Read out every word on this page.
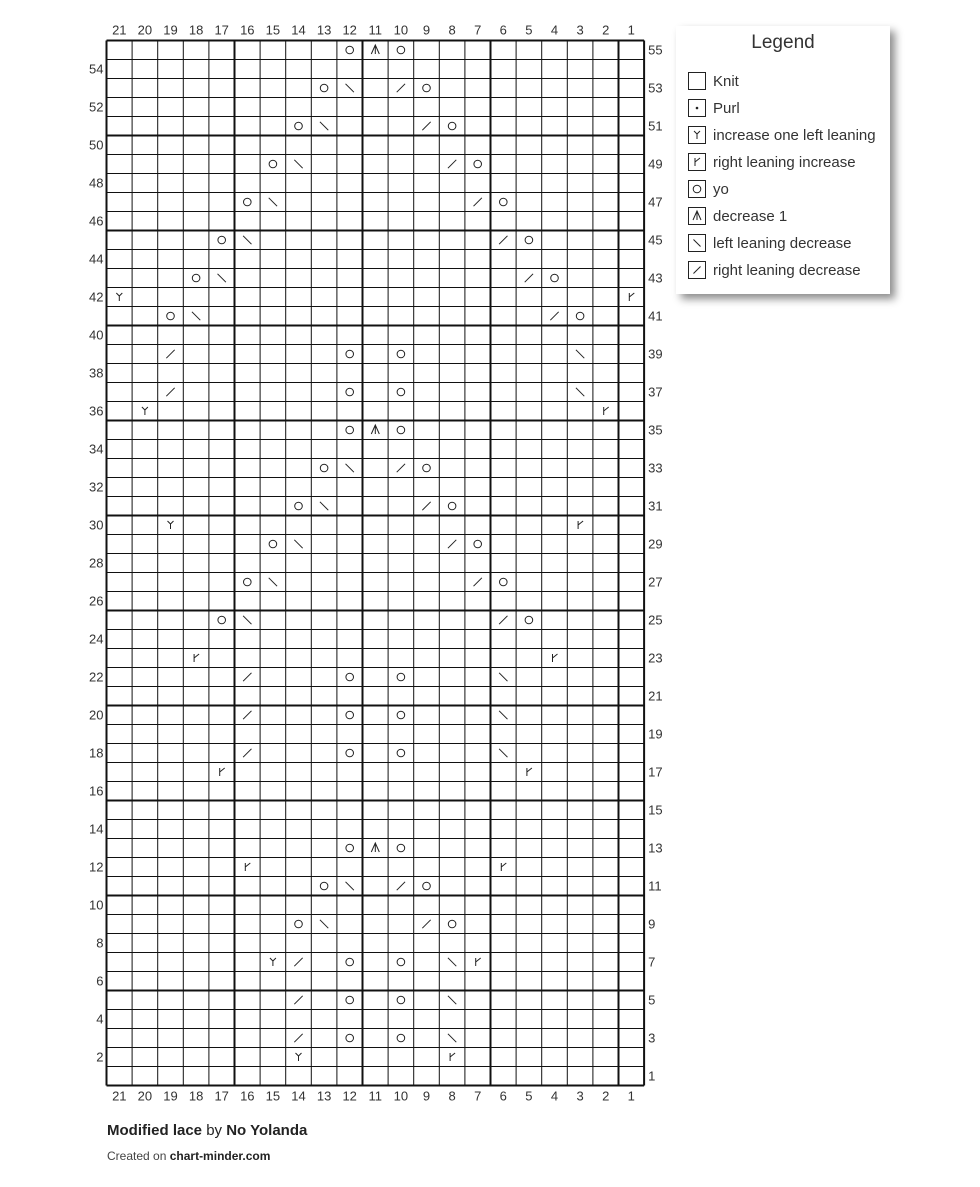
21
21
20
20
19
19
18
18
17
17
16
16
15
15
14
14
13
13
12
12
11
11
10
10
9
9
8
8
7
7
6
6
5
5
4
4
3
3
2
2
1
1
55
53
51
49
47
45
43
41
39
37
35
33
31
29
27
25
23
21
19
17
15
13
11
9
7
5
3
1
54
52
50
48
46
44
42
40
38
36
34
32
30
28
26
24
22
20
18
16
14
12
10
8
6
4
2
Legend
Knit
Purl
increase one left leaning
right leaning increase
yo
decrease 1
left leaning decrease
right leaning decrease
Modified lace by No Yolanda
Created on chart-minder.com
